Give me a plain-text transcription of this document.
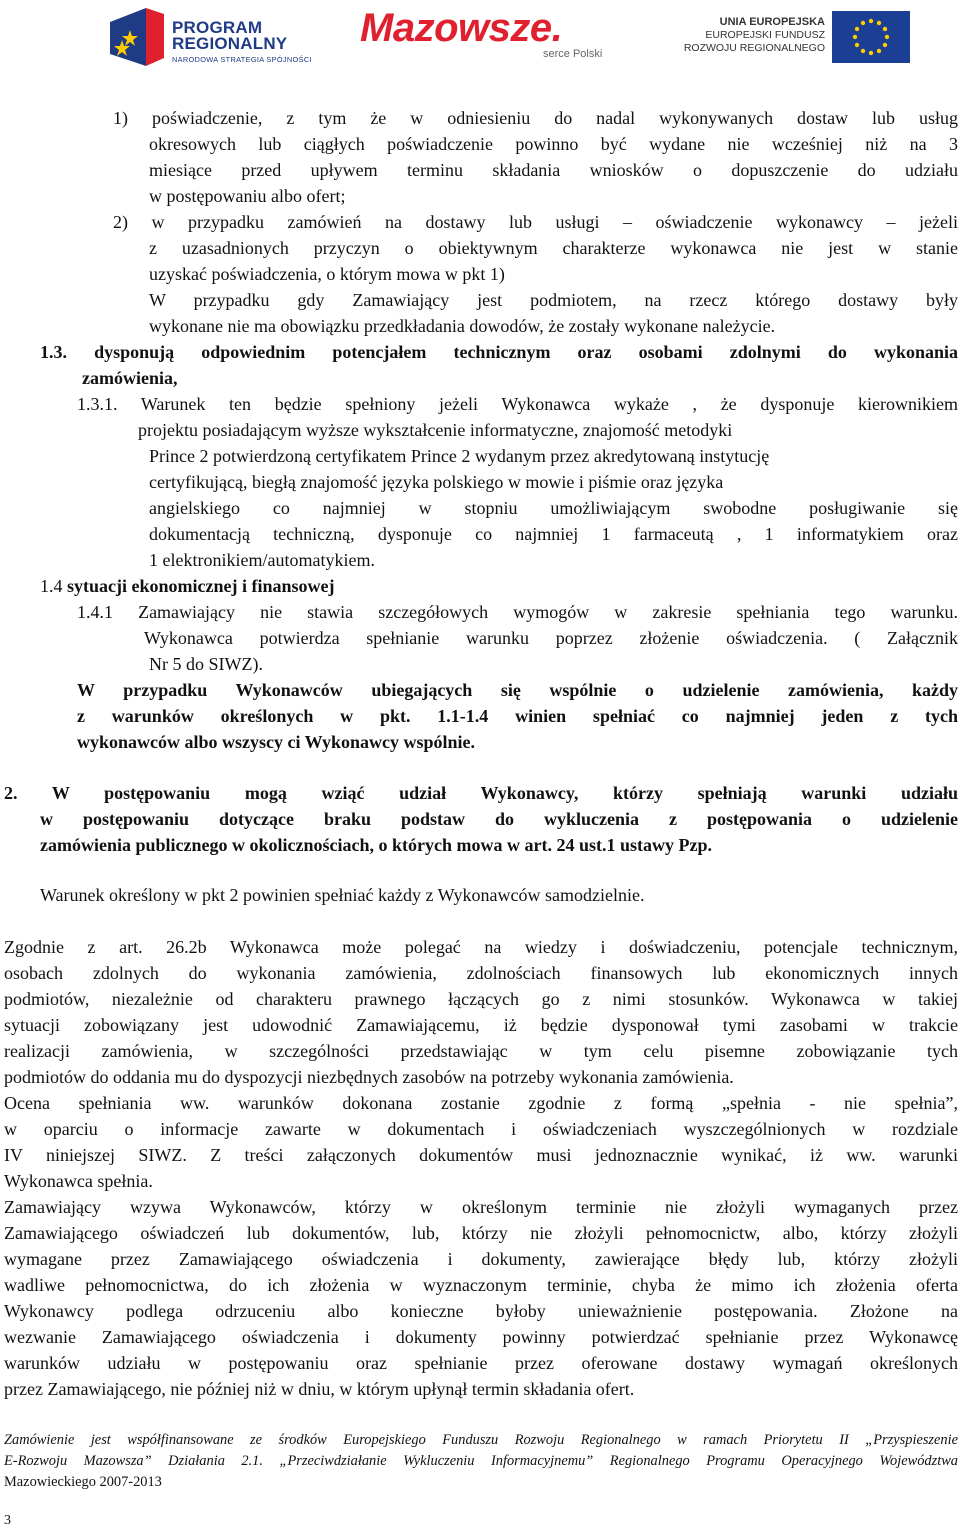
PROGRAM
REGIONALNY
NARODOWA STRATEGIA SPÓJNOŚCI
Mazowsze.
serce Polski
UNIA EUROPEJSKA
EUROPEJSKI FUNDUSZ
ROZWOJU REGIONALNEGO
1) poświadczenie, z tym że w odniesieniu do nadal wykonywanych dostaw lub usług
okresowych lub ciągłych poświadczenie powinno być wydane nie wcześniej niż na 3
miesiące przed upływem terminu składania wniosków o dopuszczenie do udziału
w postępowaniu albo ofert;
2) w przypadku zamówień na dostawy lub usługi – oświadczenie wykonawcy – jeżeli
z uzasadnionych przyczyn o obiektywnym charakterze wykonawca nie jest w stanie
uzyskać poświadczenia, o którym mowa w pkt 1)
W przypadku gdy Zamawiający jest podmiotem, na rzecz którego dostawy były
wykonane nie ma obowiązku przedkładania dowodów, że zostały wykonane należycie.
1.3. dysponują odpowiednim potencjałem technicznym oraz osobami zdolnymi do wykonania
zamówienia,
1.3.1. Warunek ten będzie spełniony jeżeli Wykonawca wykaże , że dysponuje kierownikiem
projektu posiadającym wyższe wykształcenie informatyczne, znajomość metodyki
Prince 2 potwierdzoną certyfikatem Prince 2 wydanym przez akredytowaną instytucję
certyfikującą, biegłą znajomość języka polskiego w mowie i piśmie oraz języka
angielskiego co najmniej w stopniu umożliwiającym swobodne posługiwanie się
dokumentacją techniczną, dysponuje co najmniej 1 farmaceutą , 1 informatykiem oraz
1 elektronikiem/automatykiem.
1.4 sytuacji ekonomicznej i finansowej
1.4.1 Zamawiający nie stawia szczegółowych wymogów w zakresie spełniania tego warunku.
Wykonawca potwierdza spełnianie warunku poprzez złożenie oświadczenia. ( Załącznik
Nr 5 do SIWZ).
W przypadku Wykonawców ubiegających się wspólnie o udzielenie zamówienia, każdy
z warunków określonych w pkt. 1.1-1.4 winien spełniać co najmniej jeden z tych
wykonawców albo wszyscy ci Wykonawcy wspólnie.
2. W postępowaniu mogą wziąć udział Wykonawcy, którzy spełniają warunki udziału
w postępowaniu dotyczące braku podstaw do wykluczenia z postępowania o udzielenie
zamówienia publicznego w okolicznościach, o których mowa w art. 24 ust.1 ustawy Pzp.
Warunek określony w pkt 2 powinien spełniać każdy z Wykonawców samodzielnie.
Zgodnie z art. 26.2b Wykonawca może polegać na wiedzy i doświadczeniu, potencjale technicznym,
osobach zdolnych do wykonania zamówienia, zdolnościach finansowych lub ekonomicznych innych
podmiotów, niezależnie od charakteru prawnego łączących go z nimi stosunków. Wykonawca w takiej
sytuacji zobowiązany jest udowodnić Zamawiającemu, iż będzie dysponował tymi zasobami w trakcie
realizacji zamówienia, w szczególności przedstawiając w tym celu pisemne zobowiązanie tych
podmiotów do oddania mu do dyspozycji niezbędnych zasobów na potrzeby wykonania zamówienia.
Ocena spełniania ww. warunków dokonana zostanie zgodnie z formą „spełnia - nie spełnia”,
w oparciu o informacje zawarte w dokumentach i oświadczeniach wyszczególnionych w rozdziale
IV niniejszej SIWZ. Z treści załączonych dokumentów musi jednoznacznie wynikać, iż ww. warunki
Wykonawca spełnia.
Zamawiający wzywa Wykonawców, którzy w określonym terminie nie złożyli wymaganych przez
Zamawiającego oświadczeń lub dokumentów, lub, którzy nie złożyli pełnomocnictw, albo, którzy złożyli
wymagane przez Zamawiającego oświadczenia i dokumenty, zawierające błędy lub, którzy złożyli
wadliwe pełnomocnictwa, do ich złożenia w wyznaczonym terminie, chyba że mimo ich złożenia oferta
Wykonawcy podlega odrzuceniu albo konieczne byłoby unieważnienie postępowania. Złożone na
wezwanie Zamawiającego oświadczenia i dokumenty powinny potwierdzać spełnianie przez Wykonawcę
warunków udziału w postępowaniu oraz spełnianie przez oferowane dostawy wymagań określonych
przez Zamawiającego, nie później niż w dniu, w którym upłynął termin składania ofert.
Zamówienie jest współfinansowane ze środków Europejskiego Funduszu Rozwoju Regionalnego w ramach Priorytetu II „Przyspieszenie
E-Rozwoju Mazowsza” Działania 2.1. „Przeciwdziałanie Wykluczeniu Informacyjnemu” Regionalnego Programu Operacyjnego Województwa
Mazowieckiego 2007-2013
3
